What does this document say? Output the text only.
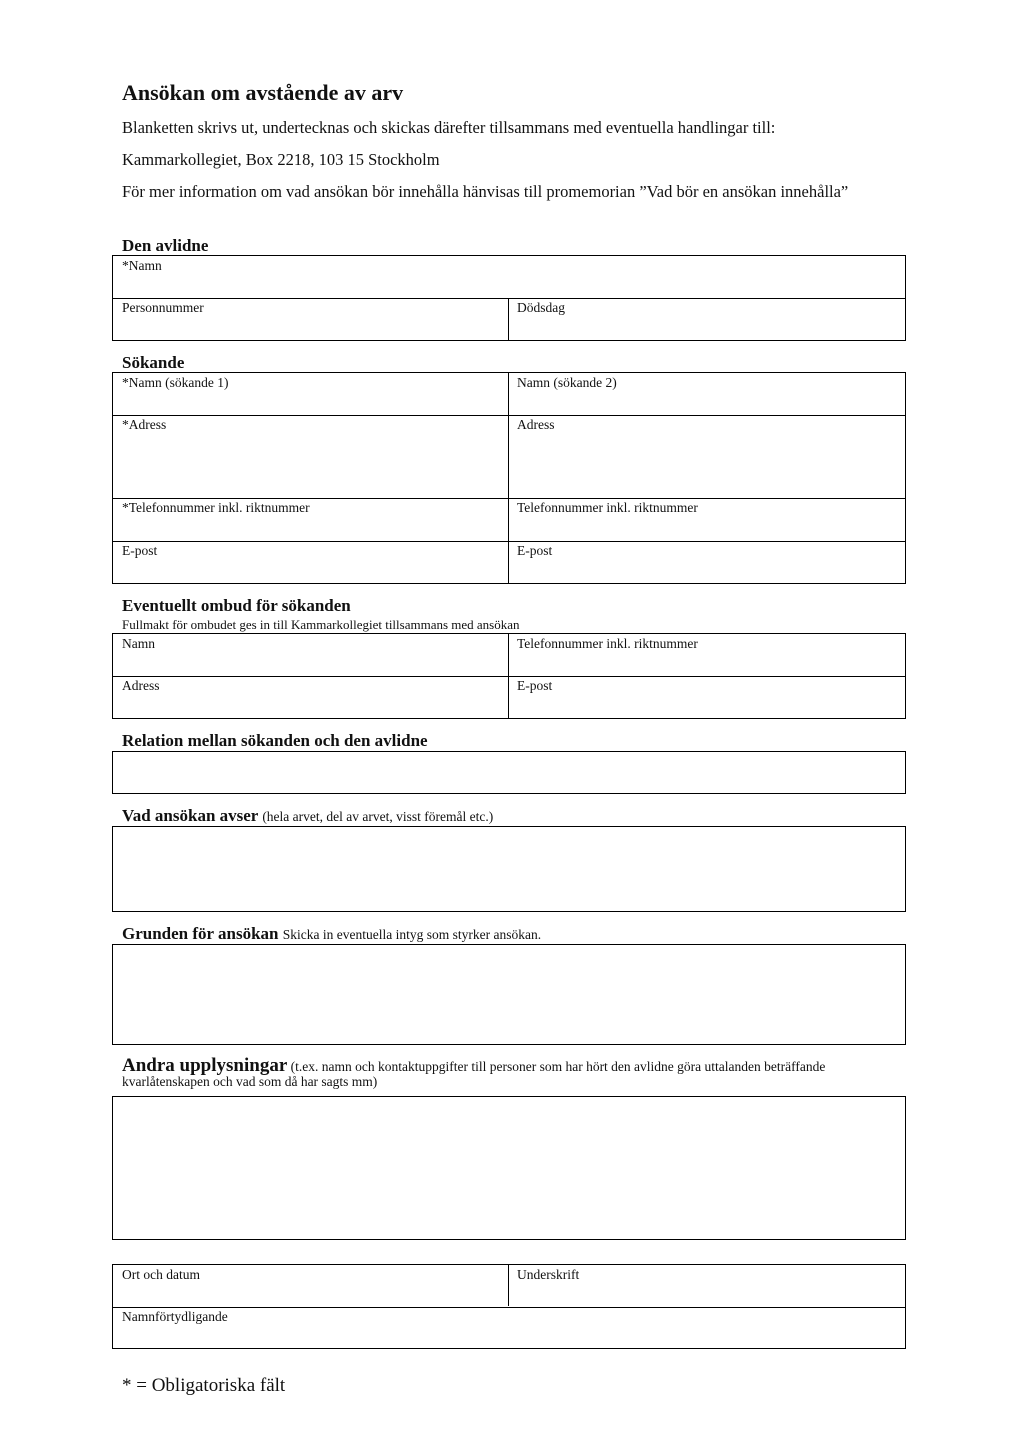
Ansökan om avstående av arv
Blanketten skrivs ut, undertecknas och skickas därefter tillsammans med eventuella handlingar till:
Kammarkollegiet, Box 2218, 103 15 Stockholm
För mer information om vad ansökan bör innehålla hänvisas till promemorian ”Vad bör en ansökan innehålla”
Den avlidne
*Namn
Personnummer	Dödsdag
Sökande
*Namn (sökande 1)	Namn (sökande 2)
*Adress	Adress
*Telefonnummer inkl. riktnummer	Telefonnummer inkl. riktnummer
E-post	E-post
Eventuellt ombud för sökanden
Fullmakt för ombudet ges in till Kammarkollegiet tillsammans med ansökan
Namn	Telefonnummer inkl. riktnummer
Adress	E-post
Relation mellan sökanden och den avlidne
Vad ansökan avser (hela arvet, del av arvet, visst föremål etc.)
Grunden för ansökan Skicka in eventuella intyg som styrker ansökan.
Andra upplysningar (t.ex. namn och kontaktuppgifter till personer som har hört den avlidne göra uttalanden beträffande kvarlåtenskapen och vad som då har sagts mm)
Ort och datum	Underskrift
Namnförtydligande
* = Obligatoriska fält
